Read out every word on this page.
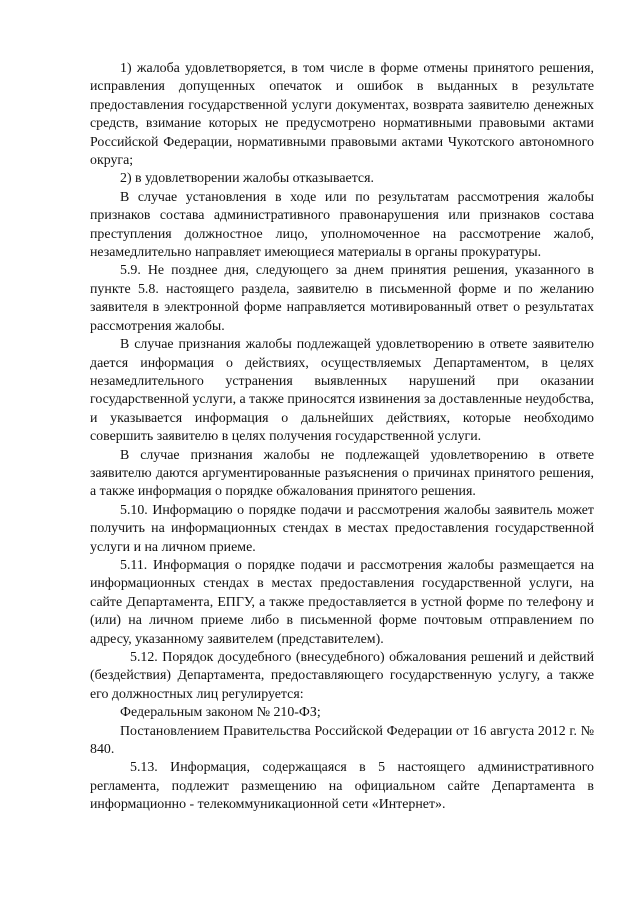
1) жалоба удовлетворяется, в том числе в форме отмены принятого решения, исправления допущенных опечаток и ошибок в выданных в результате предоставления государственной услуги документах, возврата заявителю денежных средств, взимание которых не предусмотрено нормативными правовыми актами Российской Федерации, нормативными правовыми актами Чукотского автономного округа;

2) в удовлетворении жалобы отказывается.

В случае установления в ходе или по результатам рассмотрения жалобы признаков состава административного правонарушения или признаков состава преступления должностное лицо, уполномоченное на рассмотрение жалоб, незамедлительно направляет имеющиеся материалы в органы прокуратуры.

5.9. Не позднее дня, следующего за днем принятия решения, указанного в пункте 5.8. настоящего раздела, заявителю в письменной форме и по желанию заявителя в электронной форме направляется мотивированный ответ о результатах рассмотрения жалобы.

В случае признания жалобы подлежащей удовлетворению в ответе заявителю дается информация о действиях, осуществляемых Департаментом, в целях незамедлительного устранения выявленных нарушений при оказании государственной услуги, а также приносятся извинения за доставленные неудобства, и указывается информация о дальнейших действиях, которые необходимо совершить заявителю в целях получения государственной услуги.

В случае признания жалобы не подлежащей удовлетворению в ответе заявителю даются аргументированные разъяснения о причинах принятого решения, а также информация о порядке обжалования принятого решения.

5.10. Информацию о порядке подачи и рассмотрения жалобы заявитель может получить на информационных стендах в местах предоставления государственной услуги и на личном приеме.

5.11. Информация о порядке подачи и рассмотрения жалобы размещается на информационных стендах в местах предоставления государственной услуги, на сайте Департамента, ЕПГУ, а также предоставляется в устной форме по телефону и (или) на личном приеме либо в письменной форме почтовым отправлением по адресу, указанному заявителем (представителем).

5.12. Порядок досудебного (внесудебного) обжалования решений и действий (бездействия) Департамента, предоставляющего государственную услугу, а также его должностных лиц регулируется:

Федеральным законом № 210-ФЗ;

Постановлением Правительства Российской Федерации от 16 августа 2012 г. № 840.

5.13. Информация, содержащаяся в 5 настоящего административного регламента, подлежит размещению на официальном сайте Департамента в информационно - телекоммуникационной сети «Интернет».
